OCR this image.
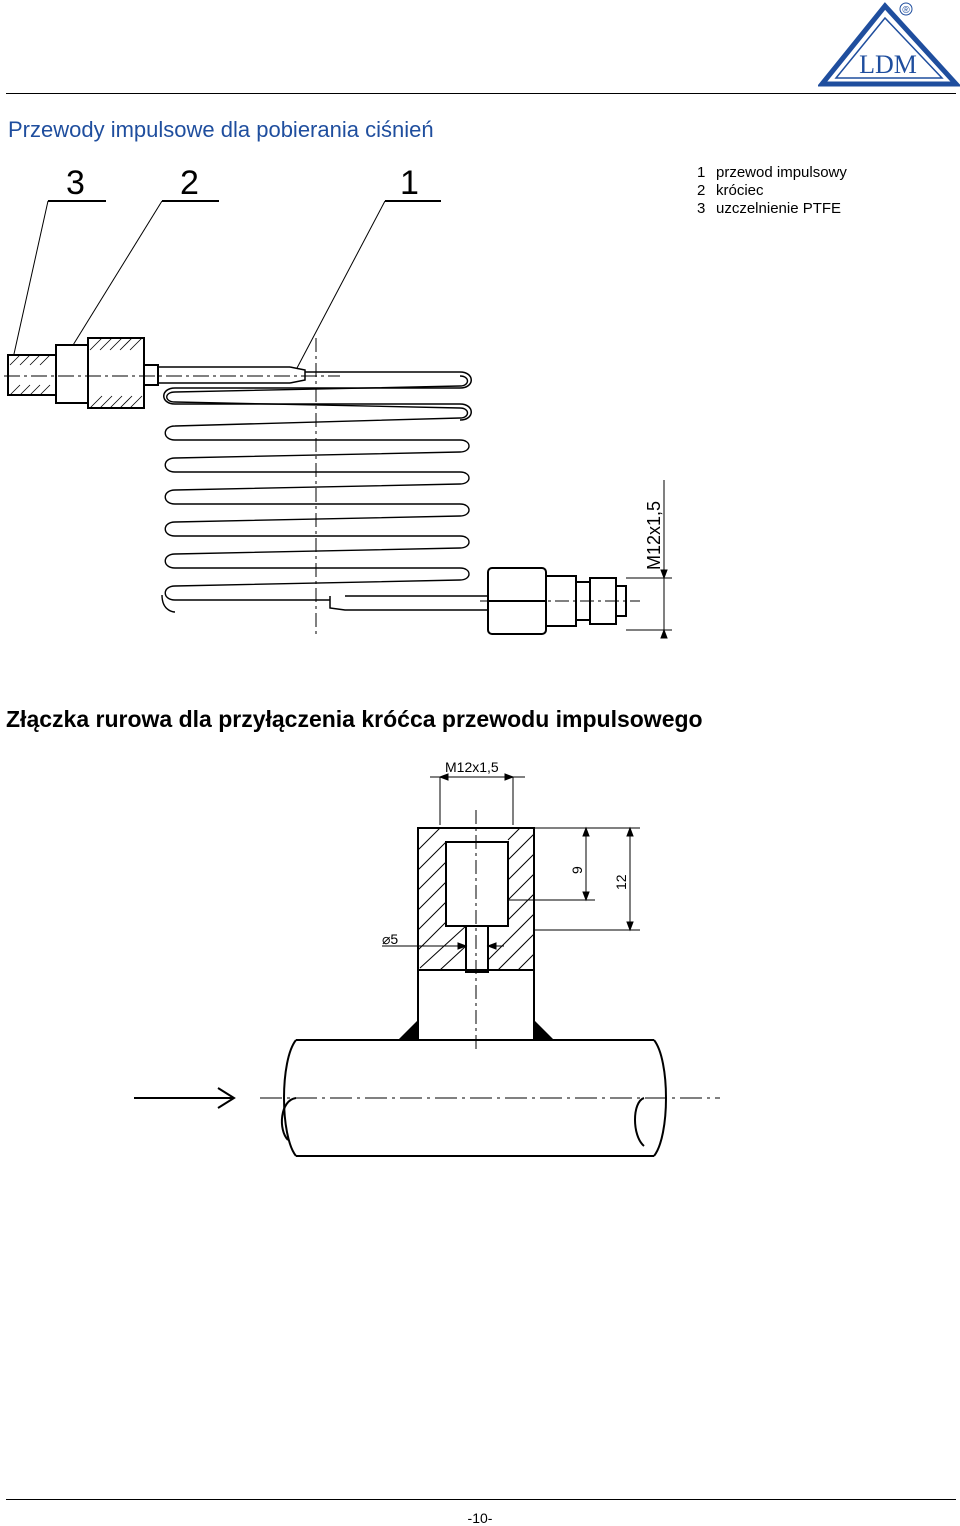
LDM
®
Przewody impulsowe dla pobierania ciśnień
1 przewod impulsowy
2 króciec
3 uzczelnienie PTFE
3	2	1
M12x1,5
Złączka rurowa dla przyłączenia króćca przewodu impulsowego
M12x1,5
9
12
⌀5
-10-
